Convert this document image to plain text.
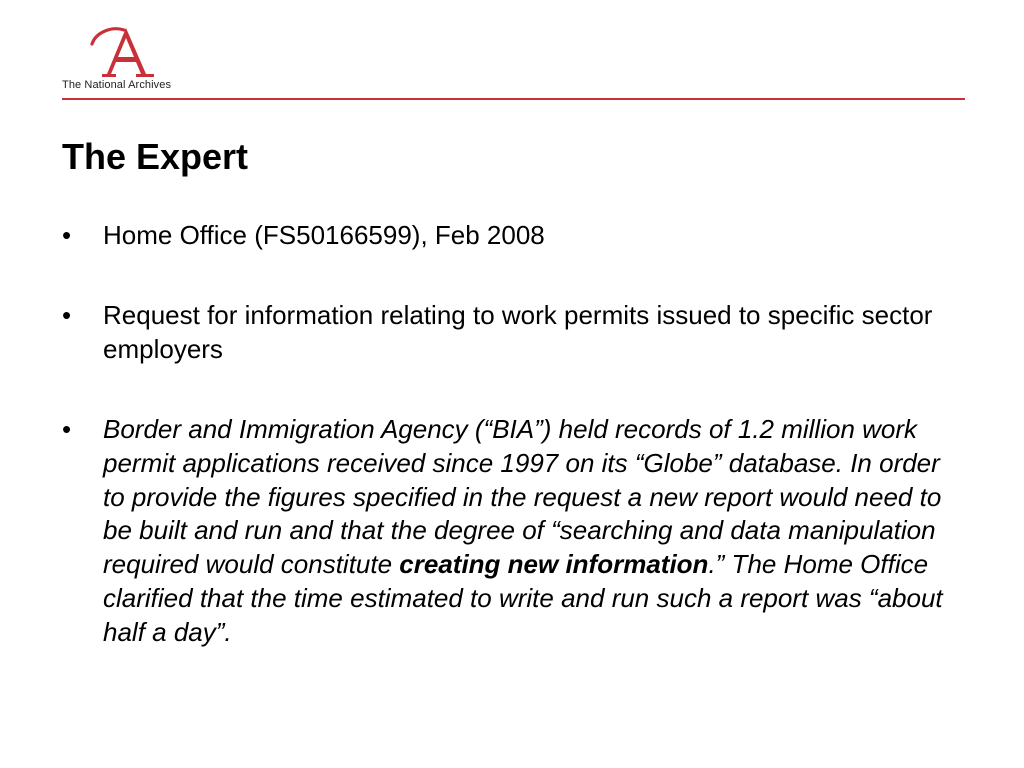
The National Archives
The Expert
• Home Office (FS50166599), Feb 2008
• Request for information relating to work permits issued to specific sector employers
• Border and Immigration Agency (“BIA”) held records of 1.2 million work permit applications received since 1997 on its “Globe” database. In order to provide the figures specified in the request a new report would need to be built and run and that the degree of “searching and data manipulation required would constitute creating new information.” The Home Office clarified that the time estimated to write and run such a report was “about half a day”.
